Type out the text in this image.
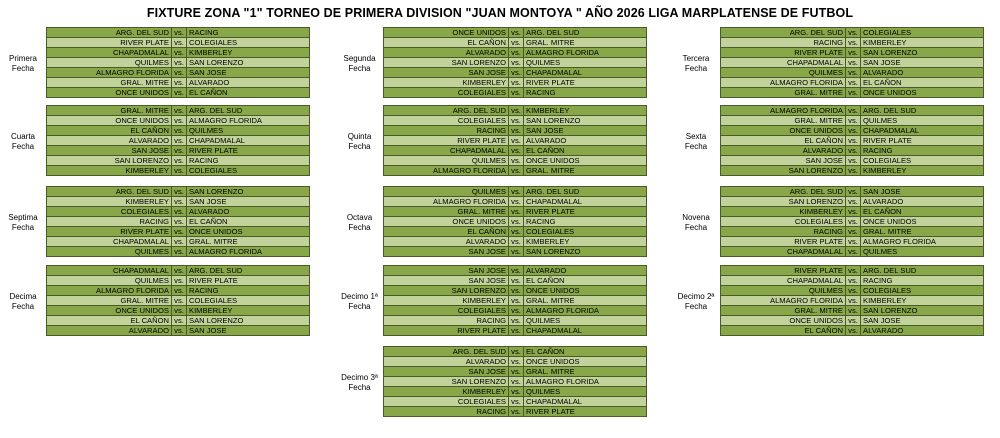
FIXTURE ZONA "1" TORNEO DE PRIMERA DIVISION "JUAN MONTOYA " AÑO 2026 LIGA MARPLATENSE DE FUTBOL
Primera
Fecha
ARG. DEL SUD	vs.	RACING
RIVER PLATE	vs.	COLEGIALES
CHAPADMALAL	vs.	KIMBERLEY
QUILMES	vs.	SAN LORENZO
ALMAGRO FLORIDA	vs.	SAN JOSE
GRAL. MITRE	vs.	ALVARADO
ONCE UNIDOS	vs.	EL CAÑON
Segunda
Fecha
ONCE UNIDOS	vs.	ARG. DEL SUD
EL CAÑON	vs.	GRAL. MITRE
ALVARADO	vs.	ALMAGRO FLORIDA
SAN LORENZO	vs.	QUILMES
SAN JOSE	vs.	CHAPADMALAL
KIMBERLEY	vs.	RIVER PLATE
COLEGIALES	vs.	RACING
Tercera
Fecha
ARG. DEL SUD	vs.	COLEGIALES
RACING	vs.	KIMBERLEY
RIVER PLATE	vs.	SAN LORENZO
CHAPADMALAL	vs.	SAN JOSE
QUILMES	vs.	ALVARADO
ALMAGRO FLORIDA	vs.	EL CAÑON
GRAL. MITRE	vs.	ONCE UNIDOS
Cuarta
Fecha
GRAL. MITRE	vs.	ARG. DEL SUD
ONCE UNIDOS	vs.	ALMAGRO FLORIDA
EL CAÑON	vs.	QUILMES
ALVARADO	vs.	CHAPADMALAL
SAN JOSE	vs.	RIVER PLATE
SAN LORENZO	vs.	RACING
KIMBERLEY	vs.	COLEGIALES
Quinta
Fecha
ARG. DEL SUD	vs.	KIMBERLEY
COLEGIALES	vs.	SAN LORENZO
RACING	vs.	SAN JOSE
RIVER PLATE	vs.	ALVARADO
CHAPADMALAL	vs.	EL CAÑON
QUILMES	vs.	ONCE UNIDOS
ALMAGRO FLORIDA	vs.	GRAL. MITRE
Sexta
Fecha
ALMAGRO FLORIDA	vs.	ARG. DEL SUD
GRAL. MITRE	vs.	QUILMES
ONCE UNIDOS	vs.	CHAPADMALAL
EL CAÑON	vs.	RIVER PLATE
ALVARADO	vs.	RACING
SAN JOSE	vs.	COLEGIALES
SAN LORENZO	vs.	KIMBERLEY
Septima
Fecha
ARG. DEL SUD	vs.	SAN LORENZO
KIMBERLEY	vs.	SAN JOSE
COLEGIALES	vs.	ALVARADO
RACING	vs.	EL CAÑON
RIVER PLATE	vs.	ONCE UNIDOS
CHAPADMALAL	vs.	GRAL. MITRE
QUILMES	vs.	ALMAGRO FLORIDA
Octava
Fecha
QUILMES	vs.	ARG. DEL SUD
ALMAGRO FLORIDA	vs.	CHAPADMALAL
GRAL. MITRE	vs.	RIVER PLATE
ONCE UNIDOS	vs.	RACING
EL CAÑON	vs.	COLEGIALES
ALVARADO	vs.	KIMBERLEY
SAN JOSE	vs.	SAN LORENZO
Novena
Fecha
ARG. DEL SUD	vs.	SAN JOSE
SAN LORENZO	vs.	ALVARADO
KIMBERLEY	vs.	EL CAÑON
COLEGIALES	vs.	ONCE UNIDOS
RACING	vs.	GRAL. MITRE
RIVER PLATE	vs.	ALMAGRO FLORIDA
CHAPADMALAL	vs.	QUILMES
Decima
Fecha
CHAPADMALAL	vs.	ARG. DEL SUD
QUILMES	vs.	RIVER PLATE
ALMAGRO FLORIDA	vs.	RACING
GRAL. MITRE	vs.	COLEGIALES
ONCE UNIDOS	vs.	KIMBERLEY
EL CAÑON	vs.	SAN LORENZO
ALVARADO	vs.	SAN JOSE
Decimo 1ª
Fecha
SAN JOSE	vs.	ALVARADO
SAN JOSE	vs.	EL CAÑON
SAN LORENZO	vs.	ONCE UNIDOS
KIMBERLEY	vs.	GRAL. MITRE
COLEGIALES	vs.	ALMAGRO FLORIDA
RACING	vs.	QUILMES
RIVER PLATE	vs.	CHAPADMALAL
Decimo 2ª
Fecha
RIVER PLATE	vs.	ARG. DEL SUD
CHAPADMALAL	vs.	RACING
QUILMES	vs.	COLEGIALES
ALMAGRO FLORIDA	vs.	KIMBERLEY
GRAL. MITRE	vs.	SAN LORENZO
ONCE UNIDOS	vs.	SAN JOSE
EL CAÑON	vs.	ALVARADO
Decimo 3ª
Fecha
ARG. DEL SUD	vs.	EL CAÑON
ALVARADO	vs.	ONCE UNIDOS
SAN JOSE	vs.	GRAL. MITRE
SAN LORENZO	vs.	ALMAGRO FLORIDA
KIMBERLEY	vs.	QUILMES
COLEGIALES	vs.	CHAPADMALAL
RACING	vs.	RIVER PLATE
